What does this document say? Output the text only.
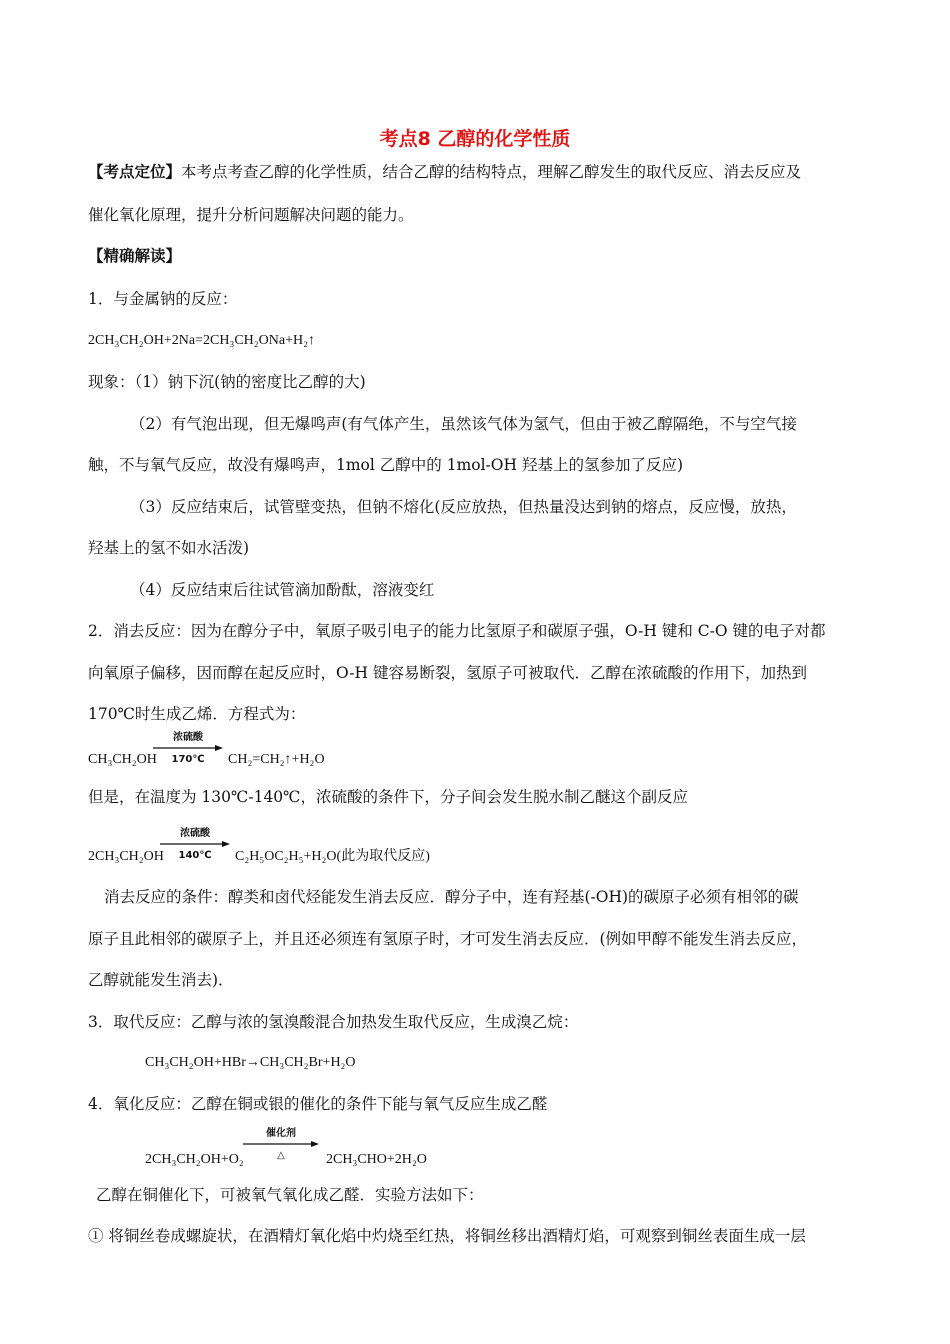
考点8 乙醇的化学性质
【考点定位】本考点考查乙醇的化学性质，结合乙醇的结构特点，理解乙醇发生的取代反应、消去反应及
催化氧化原理，提升分析问题解决问题的能力。
【精确解读】
1．与金属钠的反应：
2CH₃CH₂OH+2Na=2CH₃CH₂ONa+H₂↑
现象：（1）钠下沉(钠的密度比乙醇的大)
（2）有气泡出现，但无爆鸣声(有气体产生，虽然该气体为氢气，但由于被乙醇隔绝，不与空气接
触，不与氧气反应，故没有爆鸣声，1mol 乙醇中的 1mol-OH 羟基上的氢参加了反应)
（3）反应结束后，试管壁变热，但钠不熔化(反应放热，但热量没达到钠的熔点，反应慢，放热，
羟基上的氢不如水活泼)
（4）反应结束后往试管滴加酚酞，溶液变红
2．消去反应：因为在醇分子中，氧原子吸引电子的能力比氢原子和碳原子强，O-H 键和 C-O 键的电子对都
向氧原子偏移，因而醇在起反应时，O-H 键容易断裂，氢原子可被取代．乙醇在浓硫酸的作用下，加热到
170℃时生成乙烯．方程式为：
CH₃CH₂OH
浓硫酸
170℃	CH₂=CH₂↑+H₂O
但是，在温度为 130℃-140℃，浓硫酸的条件下，分子间会发生脱水制乙醚这个副反应
2CH₃CH₂OH
浓硫酸
140℃	C₂H₅OC₂H₅+H₂O(此为取代反应)
消去反应的条件：醇类和卤代烃能发生消去反应．醇分子中，连有羟基(-OH)的碳原子必须有相邻的碳
原子且此相邻的碳原子上，并且还必须连有氢原子时，才可发生消去反应．(例如甲醇不能发生消去反应，
乙醇就能发生消去)．
3．取代反应：乙醇与浓的氢溴酸混合加热发生取代反应，生成溴乙烷：
CH₃CH₂OH+HBr→CH₃CH₂Br+H₂O
4．氧化反应：乙醇在铜或银的催化的条件下能与氧气反应生成乙醛
2CH₃CH₂OH+O₂
催化剂
△	2CH₃CHO+2H₂O
乙醇在铜催化下，可被氧气氧化成乙醛．实验方法如下：
① 将铜丝卷成螺旋状，在酒精灯氧化焰中灼烧至红热，将铜丝移出酒精灯焰，可观察到铜丝表面生成一层
